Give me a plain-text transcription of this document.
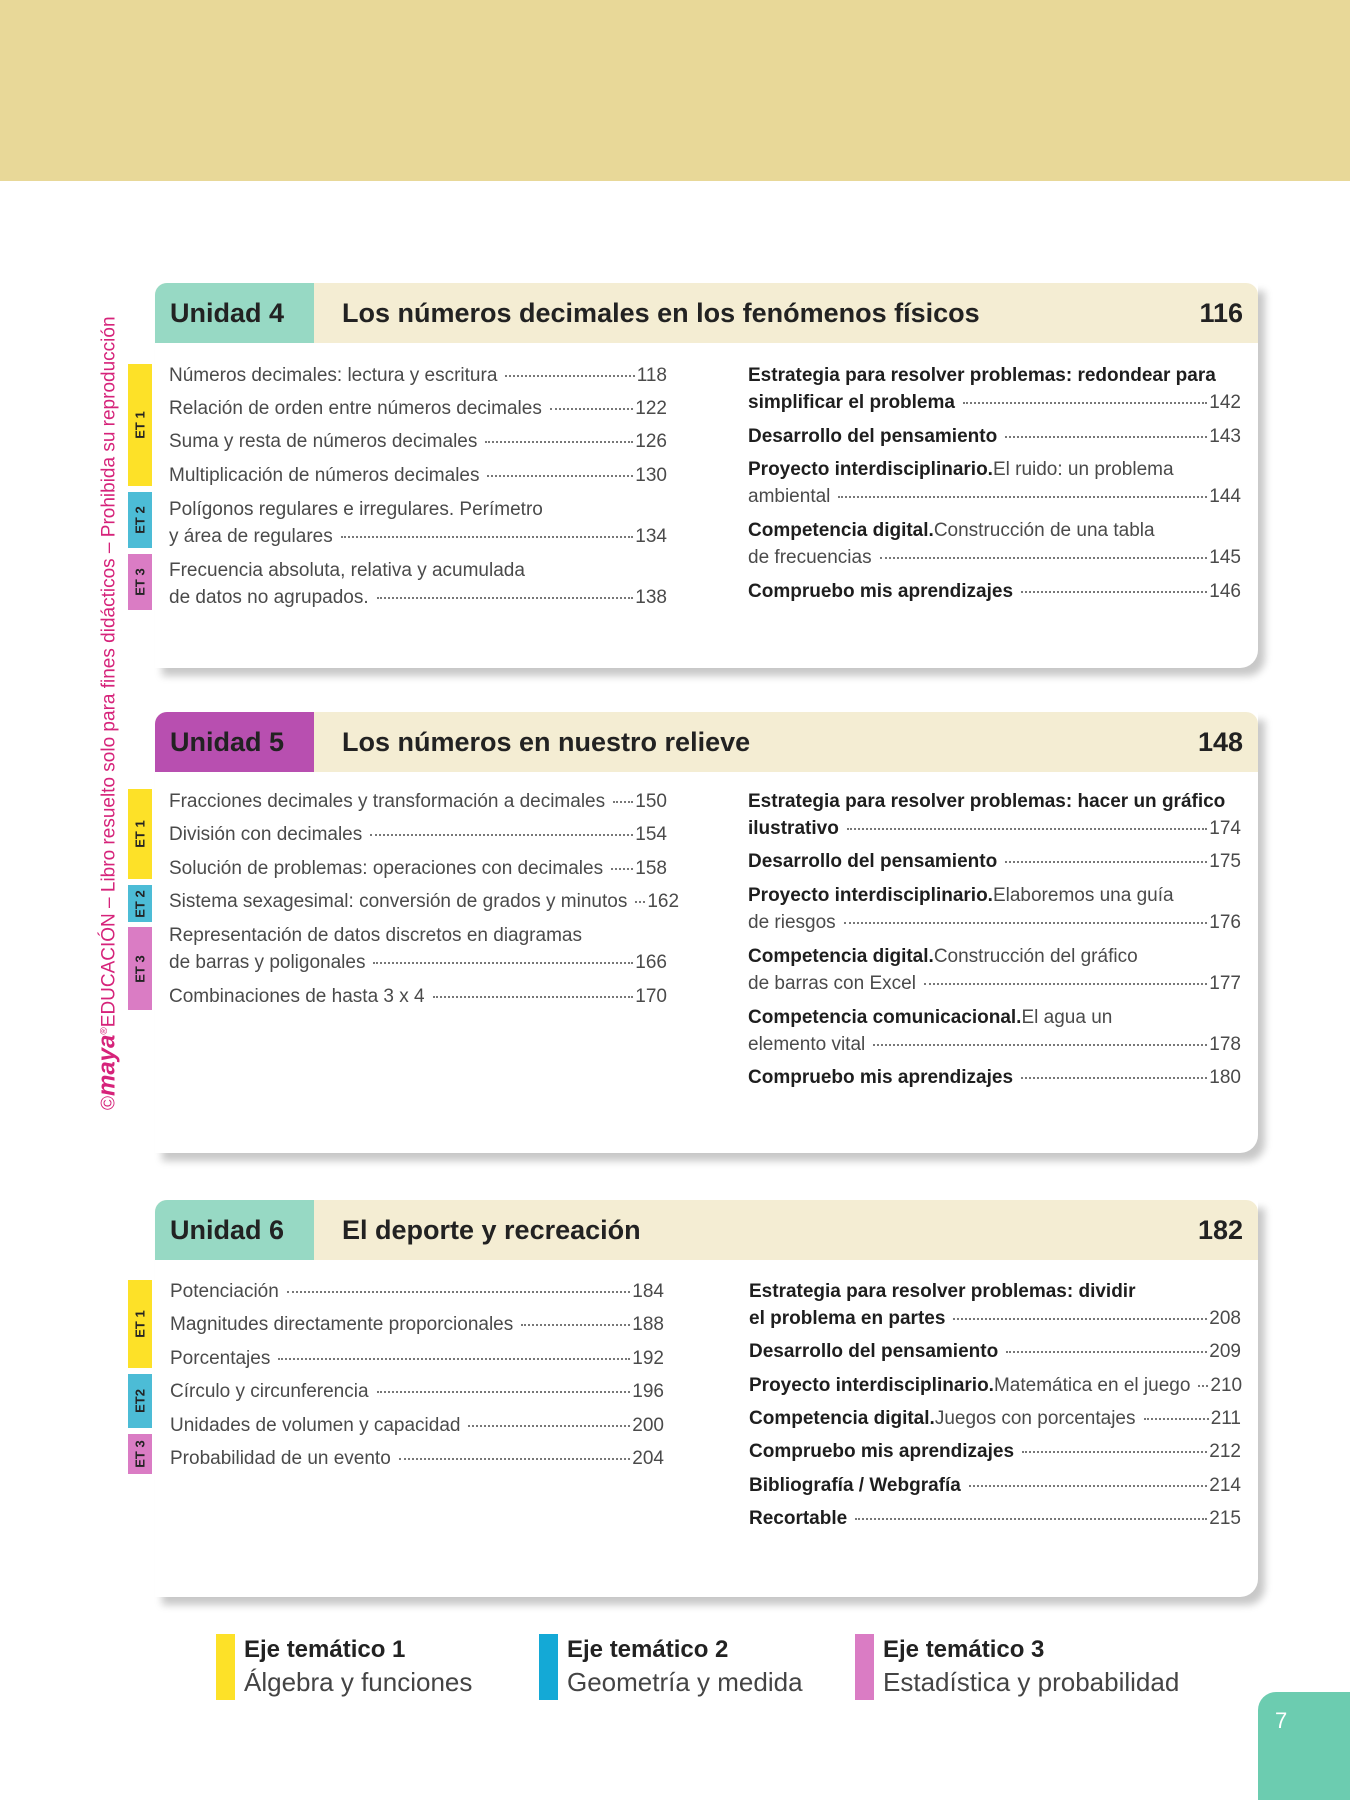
©maya®EDUCACIÓN – Libro resuelto solo para fines didácticos – Prohibida su reproducción
Unidad 4	Los números decimales en los fenómenos físicos	116
ET 1
ET 2
ET 3
Números decimales: lectura y escritura	118
Relación de orden entre números decimales	122
Suma y resta de números decimales	126
Multiplicación de números decimales	130
Polígonos regulares e irregulares. Perímetro
y área de regulares	134
Frecuencia absoluta, relativa y acumulada
de datos no agrupados.	138
Estrategia para resolver problemas: redondear para
simplificar el problema	142
Desarrollo del pensamiento	143
Proyecto interdisciplinario. El ruido: un problema
ambiental	144
Competencia digital. Construcción de una tabla
de frecuencias	145
Compruebo mis aprendizajes	146
Unidad 5	Los números en nuestro relieve	148
ET 1
ET 2
ET 3
Fracciones decimales y transformación a decimales 150
División con decimales	154
Solución de problemas: operaciones con decimales 158
Sistema sexagesimal: conversión de grados y minutos 162
Representación de datos discretos en diagramas
de barras y poligonales	166
Combinaciones de hasta 3 x 4	170
Estrategia para resolver problemas: hacer un gráfico
ilustrativo	174
Desarrollo del pensamiento	175
Proyecto interdisciplinario. Elaboremos una guía
de riesgos	176
Competencia digital. Construcción del gráfico
de barras con Excel	177
Competencia comunicacional. El agua un
elemento vital	178
Compruebo mis aprendizajes	180
Unidad 6	El deporte y recreación	182
ET 1
ET2
ET 3
Potenciación	184
Magnitudes directamente proporcionales	188
Porcentajes	192
Círculo y circunferencia	196
Unidades de volumen y capacidad	200
Probabilidad de un evento	204
Estrategia para resolver problemas: dividir
el problema en partes	208
Desarrollo del pensamiento	209
Proyecto interdisciplinario. Matemática en el juego 210
Competencia digital. Juegos con porcentajes	211
Compruebo mis aprendizajes	212
Bibliografía / Webgrafía	214
Recortable	215
Eje temático 1
Álgebra y funciones
Eje temático 2
Geometría y medida
Eje temático 3
Estadística y probabilidad
7
